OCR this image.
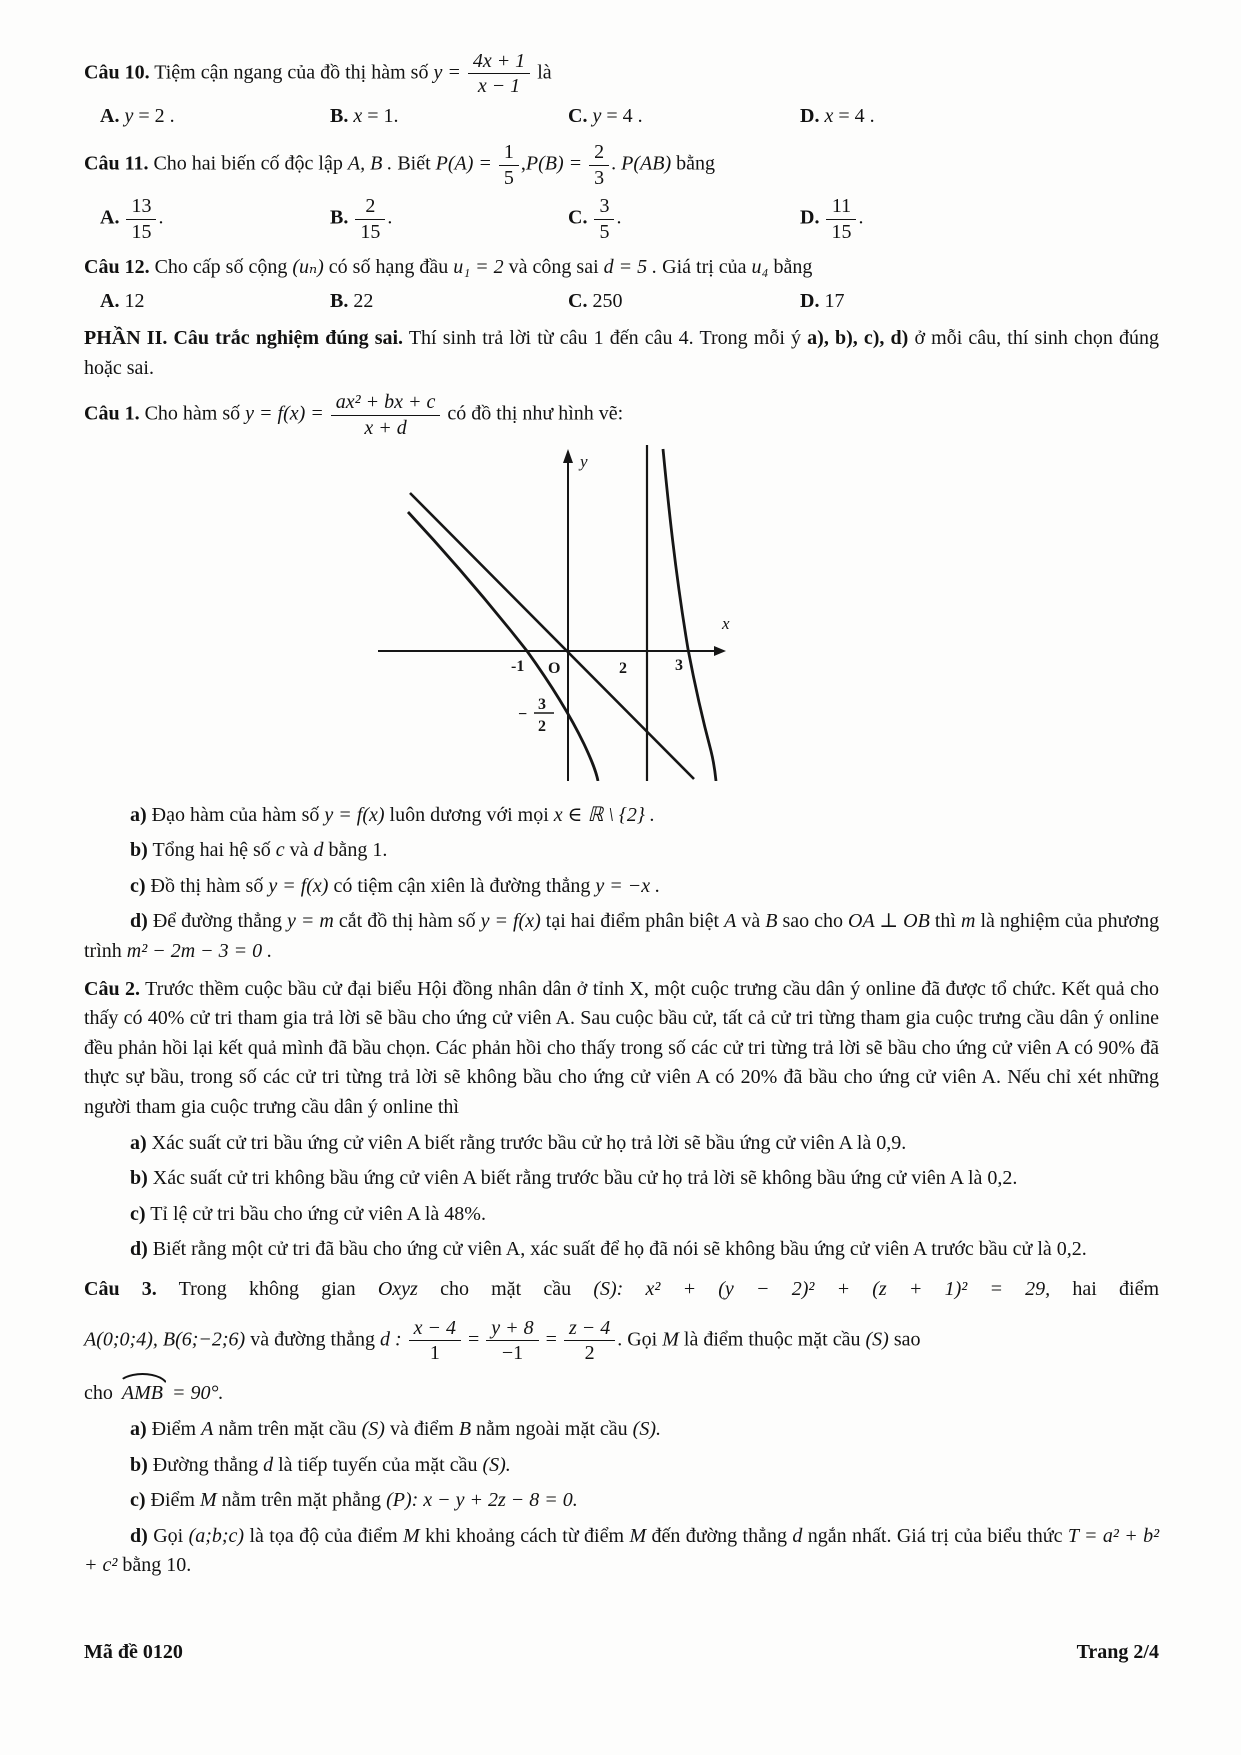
Câu 10. Tiệm cận ngang của đồ thị hàm số $y = \frac{4x + 1}{x - 1}$ là

A. y = 2 .	B. x = 1.	C. y = 4 .	D. x = 4 .

Câu 11. Cho hai biến cố độc lập A, B . Biết $P(A) = \frac{1}{5} ,P(B) = \frac{2}{3}$ . P(AB) bằng

A. $\frac{13}{15}$ .	B. $\frac{2}{15}$ .	C. $\frac{3}{5}$ .	D. $\frac{11}{15}$ .

Câu 12. Cho cấp số cộng (uₙ) có số hạng đầu u₁ = 2 và công sai d = 5 . Giá trị của u₄ bằng

A. 12	B. 22	C. 250	D. 17

PHẦN II. Câu trắc nghiệm đúng sai. Thí sinh trả lời từ câu 1 đến câu 4. Trong mỗi ý a), b), c), d) ở mỗi câu, thí sinh chọn đúng hoặc sai.

Câu 1. Cho hàm số $y = f(x) = \frac{\text{ax² + bx + c}}{x + d}$ có đồ thị như hình vẽ:

y
x
-1 O	2	3
−
3
2

a) Đạo hàm của hàm số y = f(x) luôn dương với mọi x ∈ ℝ \ {2} .

b) Tổng hai hệ số c và d bằng 1.

c) Đồ thị hàm số y = f(x) có tiệm cận xiên là đường thẳng y = −x .

d) Để đường thẳng y = m cắt đồ thị hàm số y = f(x) tại hai điểm phân biệt A và B sao cho OA ⊥ OB thì m là nghiệm của phương trình m² − 2m − 3 = 0 .

Câu 2. Trước thềm cuộc bầu cử đại biểu Hội đồng nhân dân ở tỉnh X, một cuộc trưng cầu dân ý online đã được tổ chức. Kết quả cho thấy có 40% cử tri tham gia trả lời sẽ bầu cho ứng cử viên A. Sau cuộc bầu cử, tất cả cử tri từng tham gia cuộc trưng cầu dân ý online đều phản hồi lại kết quả mình đã bầu chọn. Các phản hồi cho thấy trong số các cử tri từng trả lời sẽ bầu cho ứng cử viên A có 90% đã thực sự bầu, trong số các cử tri từng trả lời sẽ không bầu cho ứng cử viên A có 20% đã bầu cho ứng cử viên A. Nếu chỉ xét những người tham gia cuộc trưng cầu dân ý online thì

a) Xác suất cử tri bầu ứng cử viên A biết rằng trước bầu cử họ trả lời sẽ bầu ứng cử viên A là 0,9.

b) Xác suất cử tri không bầu ứng cử viên A biết rằng trước bầu cử họ trả lời sẽ không bầu ứng cử viên A là 0,2.

c) Tỉ lệ cử tri bầu cho ứng cử viên A là 48%.

d) Biết rằng một cử tri đã bầu cho ứng cử viên A, xác suất để họ đã nói sẽ không bầu ứng cử viên A trước bầu cử là 0,2.

Câu 3. Trong không gian Oxyz cho mặt cầu (S): x² + (y − 2)² + (z + 1)² = 29, hai điểm

A(0;0;4), B(6;−2;6) và đường thẳng d : $\frac{x - 4}{1} = \frac{y + 8}{-1} = \frac{z - 4}{2}$ . Gọi M là điểm thuộc mặt cầu (S) sao

cho AMB = 90°.

a) Điểm A nằm trên mặt cầu (S) và điểm B nằm ngoài mặt cầu (S).

b) Đường thẳng d là tiếp tuyến của mặt cầu (S).

c) Điểm M nằm trên mặt phẳng (P): x − y + 2z − 8 = 0.

d) Gọi (a;b;c) là tọa độ của điểm M khi khoảng cách từ điểm M đến đường thẳng d ngắn nhất. Giá trị của biểu thức T = a² + b² + c² bằng 10.

Mã đề 0120	Trang 2/4
